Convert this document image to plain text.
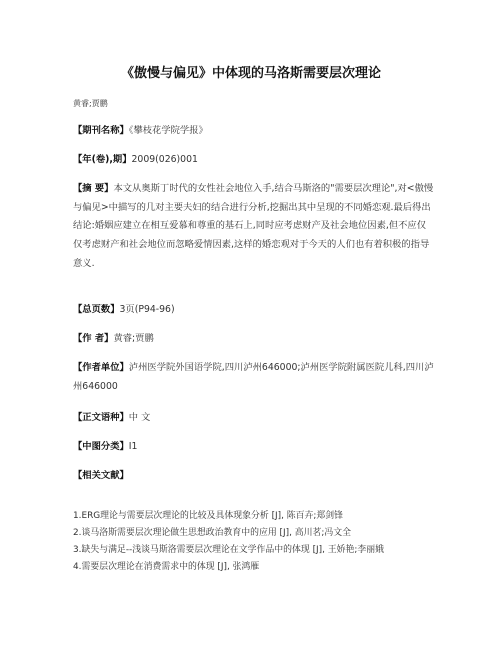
《傲慢与偏见》中体现的马洛斯需要层次理论
黄睿;贾鹏
【期刊名称】《攀枝花学院学报》
【年(卷),期】2009(026)001
【摘 要】本文从奥斯丁时代的女性社会地位入手,结合马斯洛的"需要层次理论",对<傲慢与偏见>中描写的几对主要夫妇的结合进行分析,挖掘出其中呈现的不同婚恋观.最后得出结论:婚姻应建立在相互爱慕和尊重的基石上,同时应考虑财产及社会地位因素,但不应仅仅考虑财产和社会地位而忽略爱情因素,这样的婚恋观对于今天的人们也有着积极的指导意义.
【总页数】3页(P94-96)
【作 者】黄睿;贾鹏
【作者单位】泸州医学院外国语学院,四川泸州646000;泸州医学院附属医院儿科,四川泸州646000
【正文语种】中 文
【中图分类】I1
【相关文献】
1.ERG理论与需要层次理论的比较及具体现象分析 [J], 陈百卉;郑剑锋
2.谈马洛斯需要层次理论做生思想政治教育中的应用 [J], 高川茗;冯文全
3.缺失与满足--浅谈马斯洛需要层次理论在文学作品中的体现 [J], 王娇艳;李丽娥
4.需要层次理论在消费需求中的体现 [J], 张鸿雁
